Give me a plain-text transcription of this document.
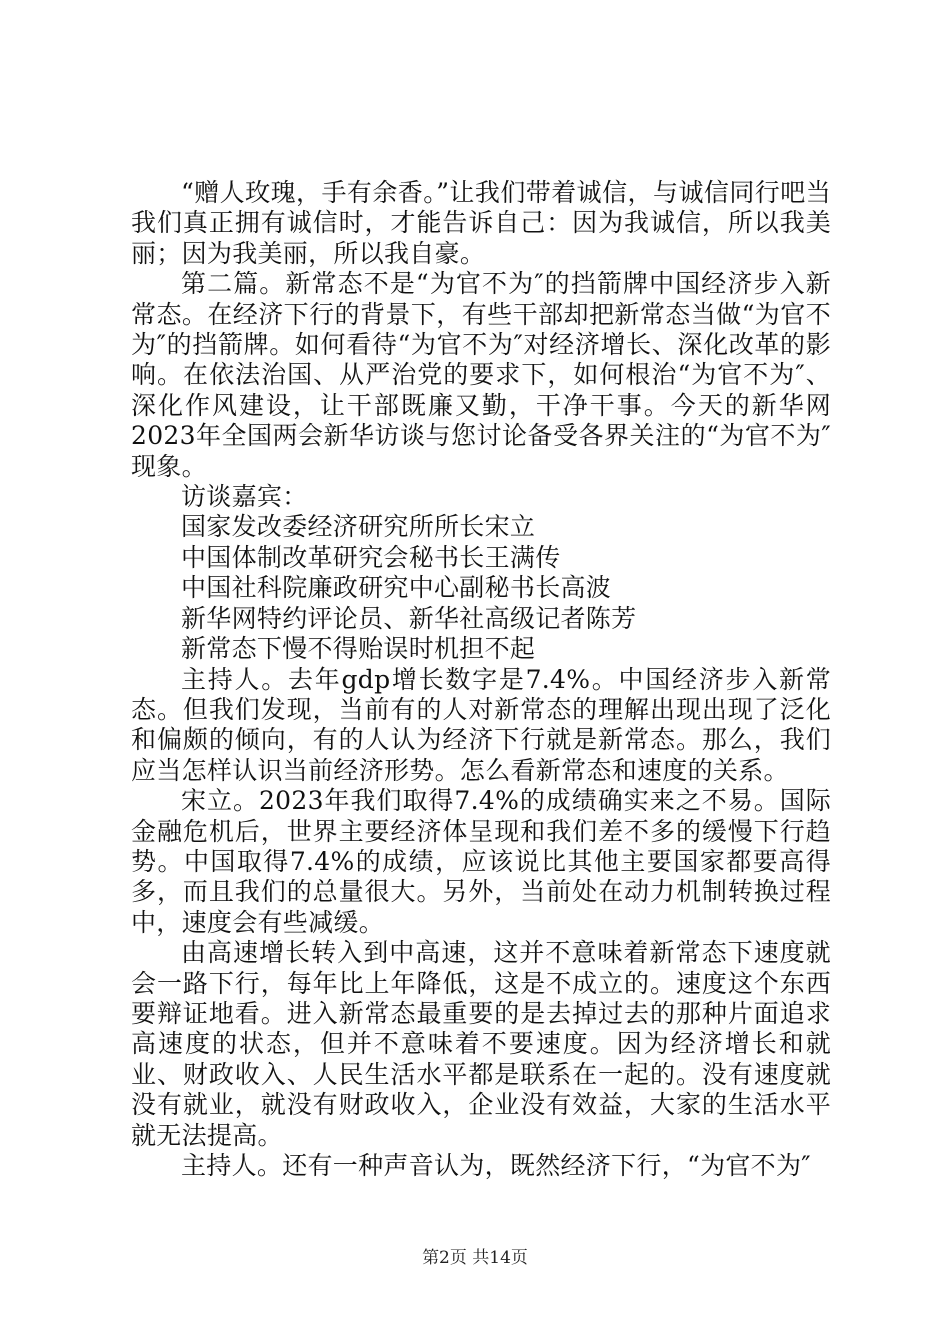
“赠人玫瑰，手有余香。”让我们带着诚信，与诚信同行吧当我们真正拥有诚信时，才能告诉自己：因为我诚信，所以我美丽；因为我美丽，所以我自豪。

第二篇。新常态不是“为官不为″的挡箭牌中国经济步入新常态。在经济下行的背景下，有些干部却把新常态当做“为官不为″的挡箭牌。如何看待“为官不为″对经济增长、深化改革的影响。在依法治国、从严治党的要求下，如何根治“为官不为″、深化作风建设，让干部既廉又勤，干净干事。今天的新华网2023年全国两会新华访谈与您讨论备受各界关注的“为官不为″现象。

访谈嘉宾：

国家发改委经济研究所所长宋立

中国体制改革研究会秘书长王满传

中国社科院廉政研究中心副秘书长高波

新华网特约评论员、新华社高级记者陈芳

新常态下慢不得贻误时机担不起

主持人。去年gdp增长数字是7.4%。中国经济步入新常态。但我们发现，当前有的人对新常态的理解出现出现了泛化和偏颇的倾向，有的人认为经济下行就是新常态。那么，我们应当怎样认识当前经济形势。怎么看新常态和速度的关系。

宋立。2023年我们取得7.4%的成绩确实来之不易。国际金融危机后，世界主要经济体呈现和我们差不多的缓慢下行趋势。中国取得7.4%的成绩，应该说比其他主要国家都要高得多，而且我们的总量很大。另外，当前处在动力机制转换过程中，速度会有些减缓。

由高速增长转入到中高速，这并不意味着新常态下速度就会一路下行，每年比上年降低，这是不成立的。速度这个东西要辩证地看。进入新常态最重要的是去掉过去的那种片面追求高速度的状态，但并不意味着不要速度。因为经济增长和就业、财政收入、人民生活水平都是联系在一起的。没有速度就没有就业，就没有财政收入，企业没有效益，大家的生活水平就无法提高。

主持人。还有一种声音认为，既然经济下行，“为官不为″

第2页 共14页
